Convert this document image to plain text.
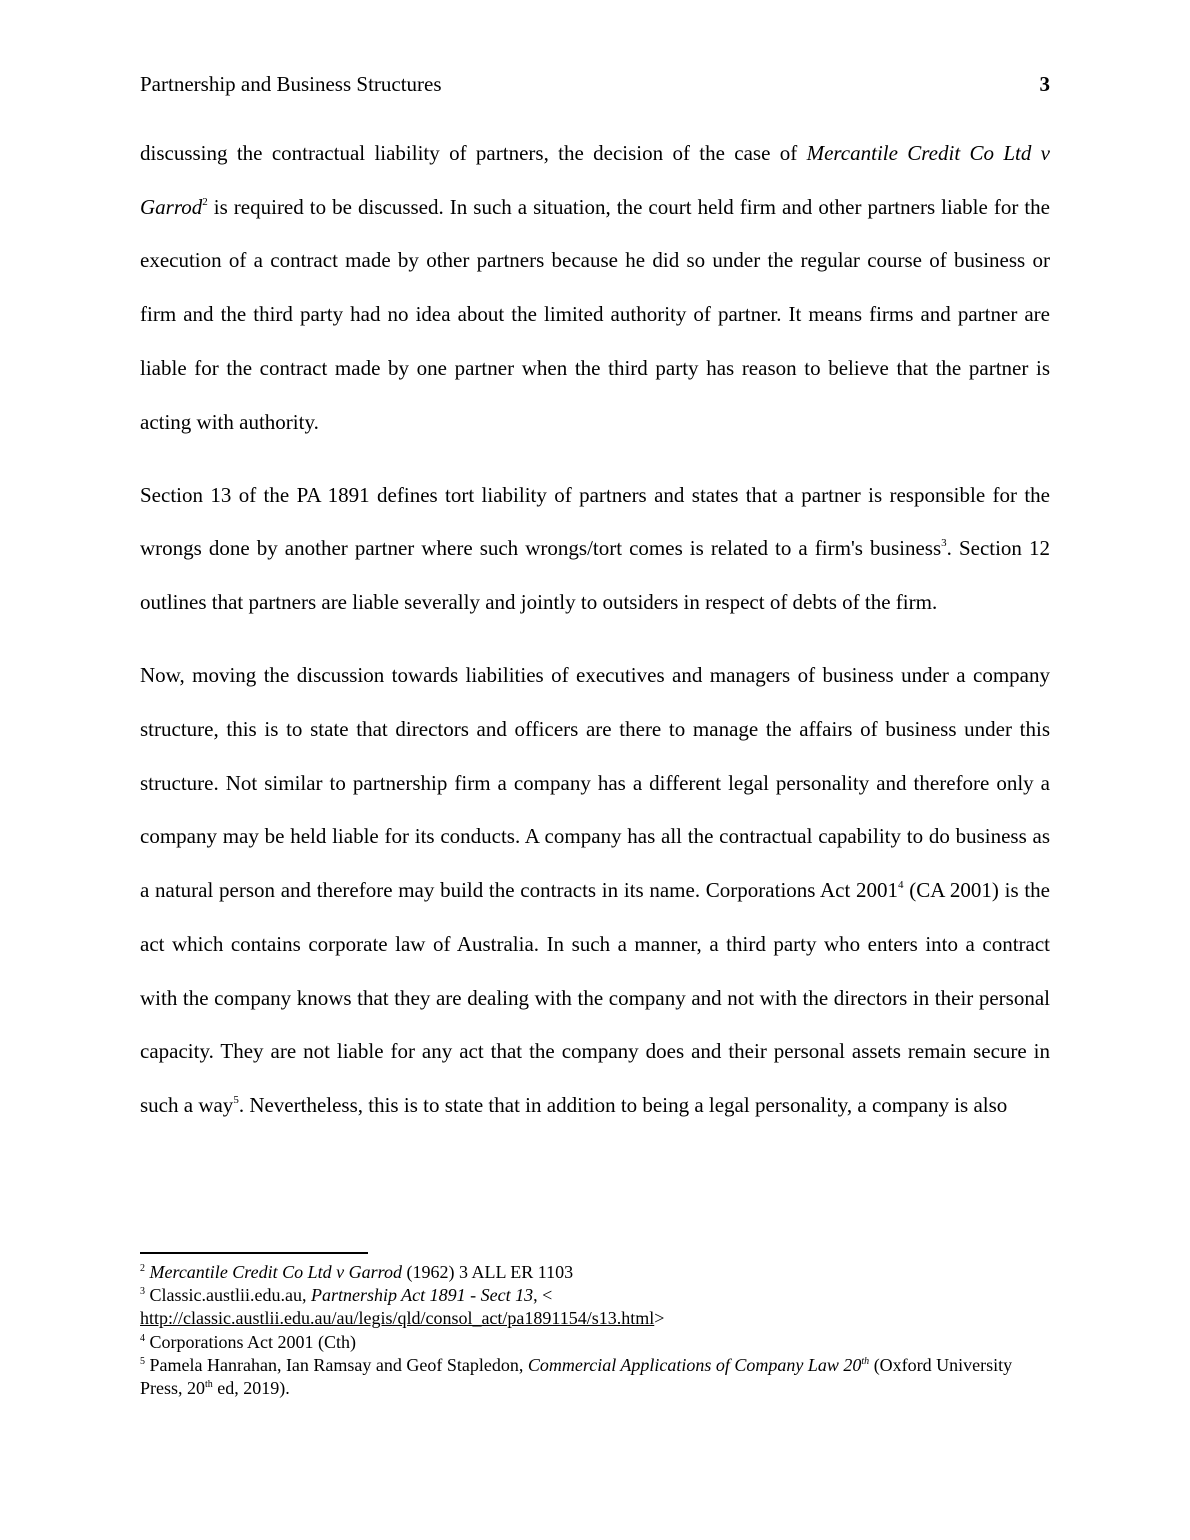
Partnership and Business Structures	3

discussing the contractual liability of partners, the decision of the case of Mercantile Credit Co Ltd v Garrod$^2$ is required to be discussed. In such a situation, the court held firm and other partners liable for the execution of a contract made by other partners because he did so under the regular course of business or firm and the third party had no idea about the limited authority of partner. It means firms and partner are liable for the contract made by one partner when the third party has reason to believe that the partner is acting with authority.

Section 13 of the PA 1891 defines tort liability of partners and states that a partner is responsible for the wrongs done by another partner where such wrongs/tort comes is related to a firm's business$^3$. Section 12 outlines that partners are liable severally and jointly to outsiders in respect of debts of the firm.

Now, moving the discussion towards liabilities of executives and managers of business under a company structure, this is to state that directors and officers are there to manage the affairs of business under this structure. Not similar to partnership firm a company has a different legal personality and therefore only a company may be held liable for its conducts. A company has all the contractual capability to do business as a natural person and therefore may build the contracts in its name. Corporations Act 2001$^4$ (CA 2001) is the act which contains corporate law of Australia. In such a manner, a third party who enters into a contract with the company knows that they are dealing with the company and not with the directors in their personal capacity. They are not liable for any act that the company does and their personal assets remain secure in such a way$^5$. Nevertheless, this is to state that in addition to being a legal personality, a company is also

$^2$ Mercantile Credit Co Ltd v Garrod (1962) 3 ALL ER 1103

$^3$ Classic.austlii.edu.au, Partnership Act 1891 - Sect 13, <
http://classic.austlii.edu.au/au/legis/qld/consol_act/pa1891154/s13.html>

$^4$ Corporations Act 2001 (Cth)

$^5$ Pamela Hanrahan, Ian Ramsay and Geof Stapledon, Commercial Applications of Company Law 20th (Oxford University Press, 20th ed, 2019).
